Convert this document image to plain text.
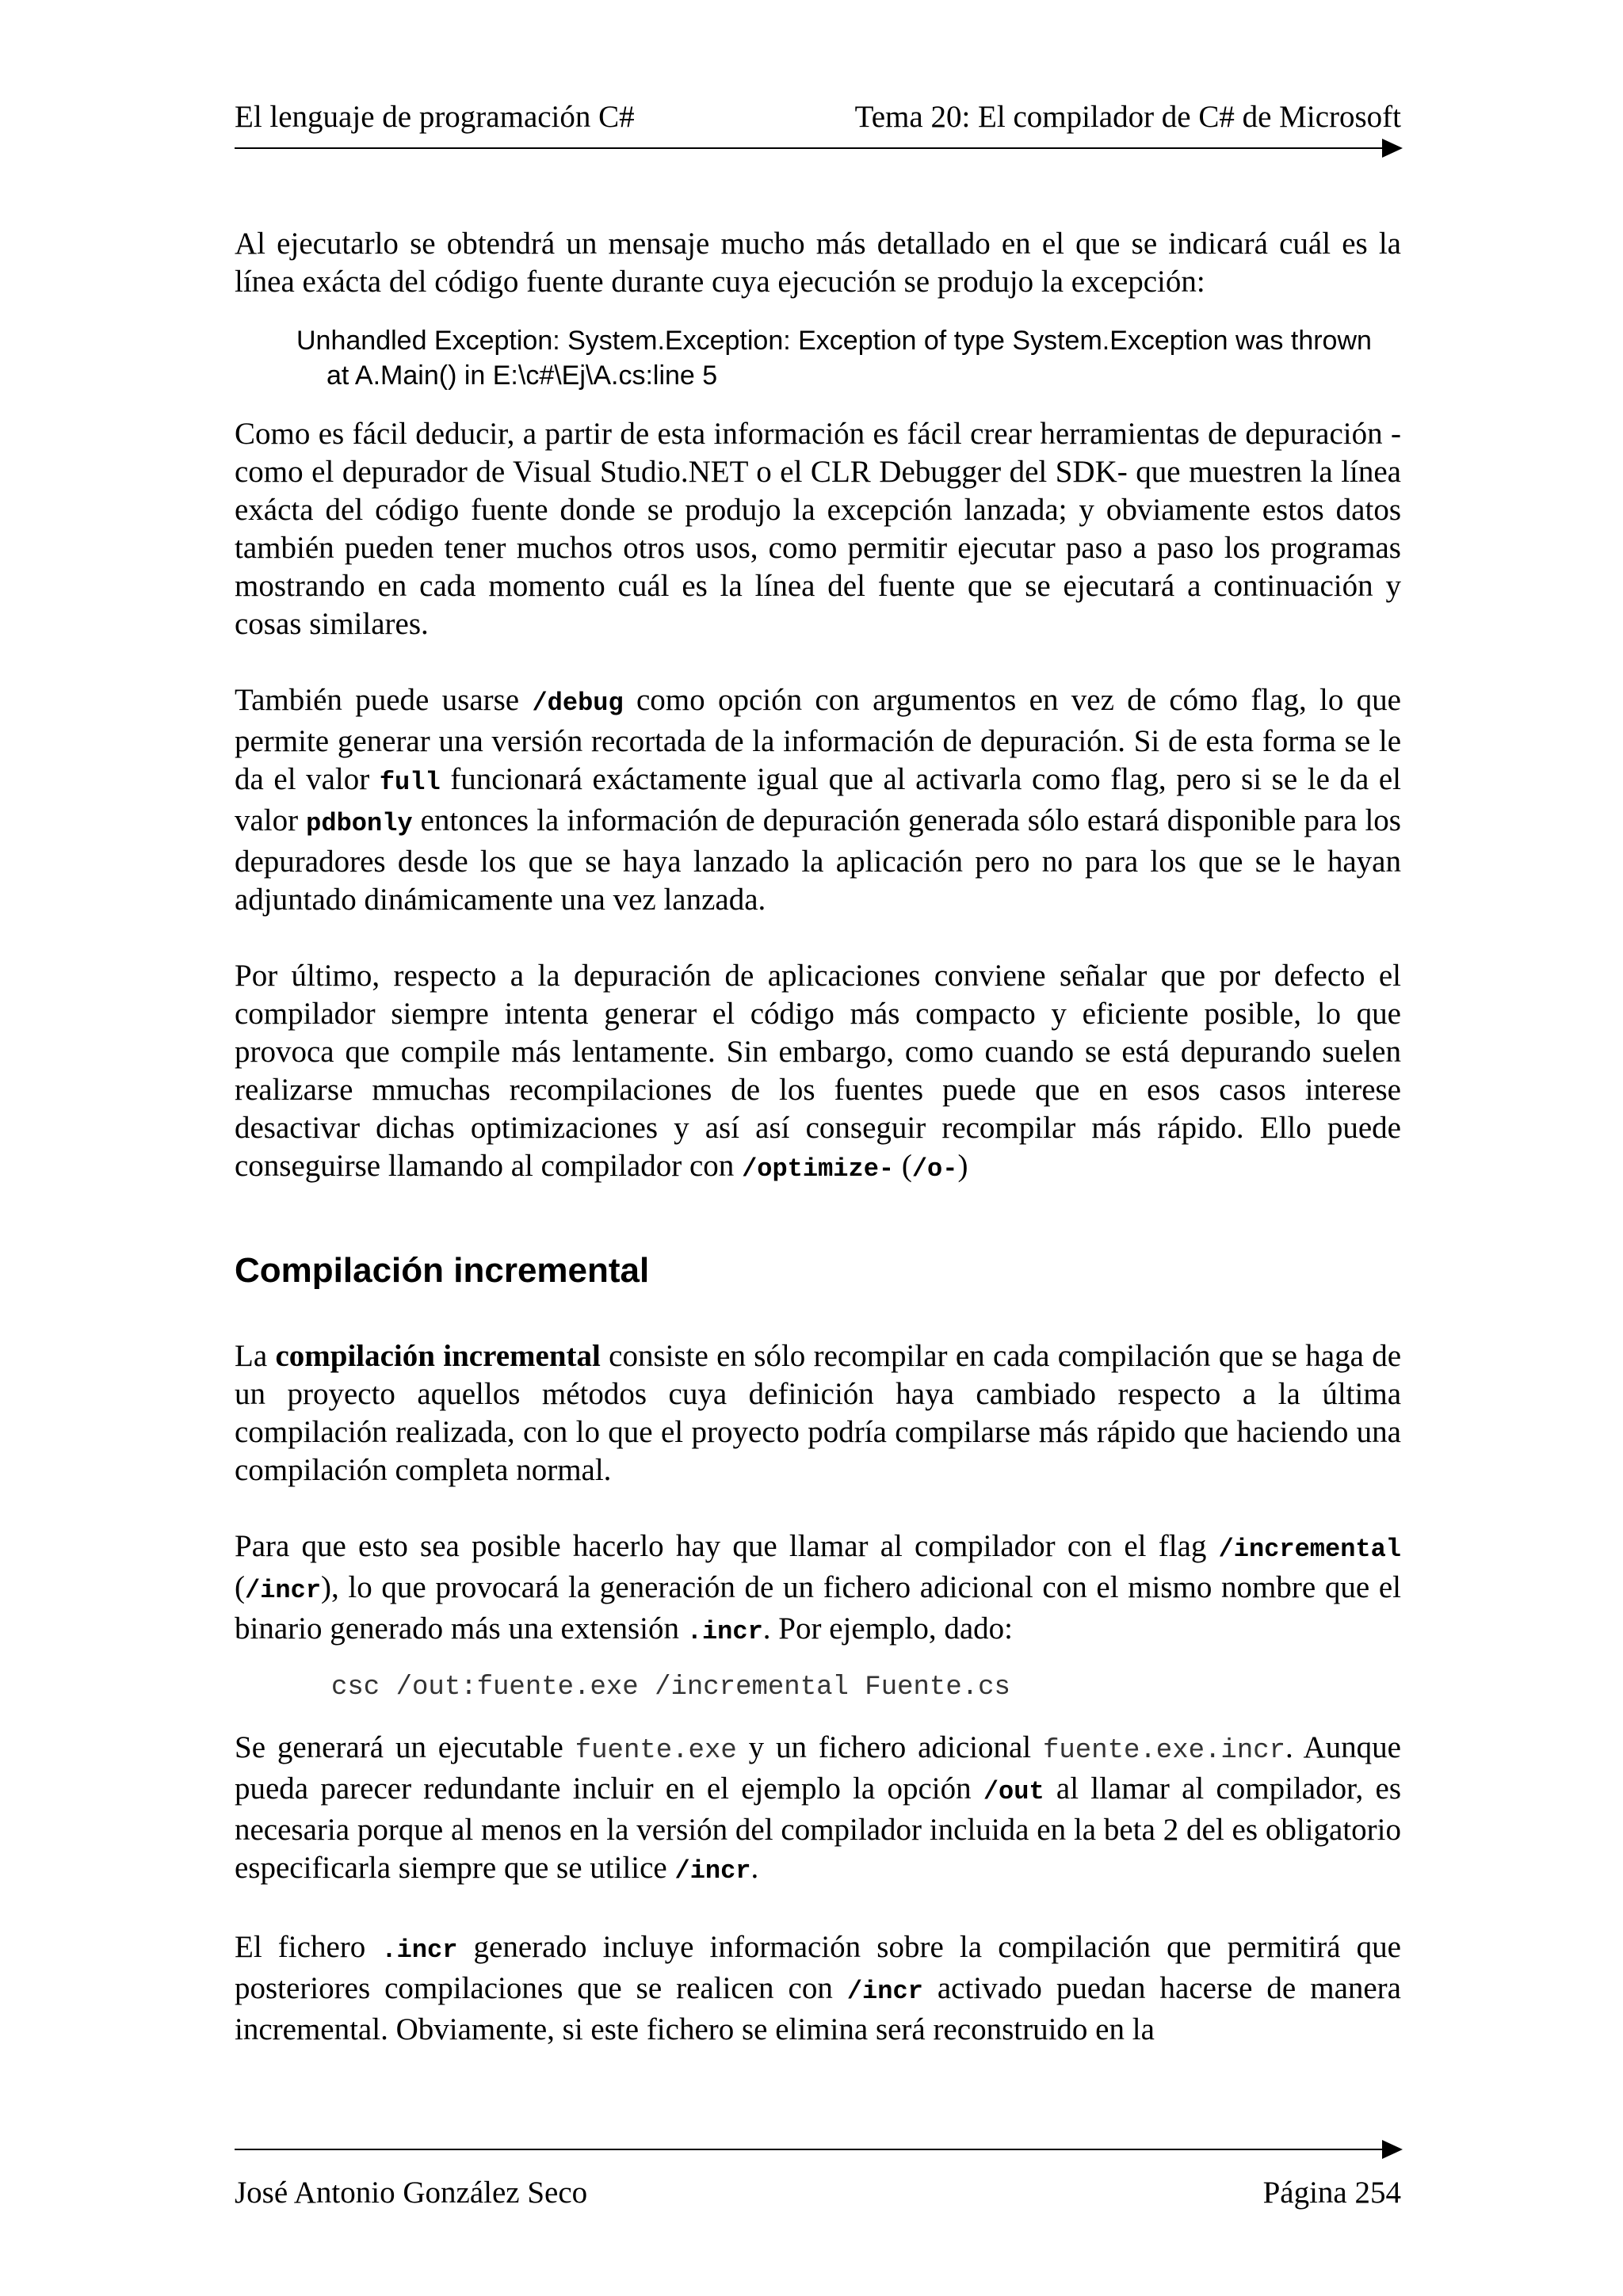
El lenguaje de programación C#	Tema 20: El compilador de C# de Microsoft

Al ejecutarlo se obtendrá un mensaje mucho más detallado en el que se indicará cuál es la línea exácta del código fuente durante cuya ejecución se produjo la excepción:

Unhandled Exception: System.Exception: Exception of type System.Exception was thrown
at A.Main() in E:\c#\Ej\A.cs:line 5

Como es fácil deducir, a partir de esta información es fácil crear herramientas de depuración -como el depurador de Visual Studio.NET o el CLR Debugger del SDK- que muestren la línea exácta del código fuente donde se produjo la excepción lanzada; y obviamente estos datos también pueden tener muchos otros usos, como permitir ejecutar paso a paso los programas mostrando en cada momento cuál es la línea del fuente que se ejecutará a continuación y cosas similares.

También puede usarse /debug como opción con argumentos en vez de cómo flag, lo que permite generar una versión recortada de la información de depuración. Si de esta forma se le da el valor full funcionará exáctamente igual que al activarla como flag, pero si se le da el valor pdbonly entonces la información de depuración generada sólo estará disponible para los depuradores desde los que se haya lanzado la aplicación pero no para los que se le hayan adjuntado dinámicamente una vez lanzada.

Por último, respecto a la depuración de aplicaciones conviene señalar que por defecto el compilador siempre intenta generar el código más compacto y eficiente posible, lo que provoca que compile más lentamente. Sin embargo, como cuando se está depurando suelen realizarse mmuchas recompilaciones de los fuentes puede que en esos casos interese desactivar dichas optimizaciones y así así conseguir recompilar más rápido. Ello puede conseguirse llamando al compilador con /optimize- (/o-)

Compilación incremental

La compilación incremental consiste en sólo recompilar en cada compilación que se haga de un proyecto aquellos métodos cuya definición haya cambiado respecto a la última compilación realizada, con lo que el proyecto podría compilarse más rápido que haciendo una compilación completa normal.

Para que esto sea posible hacerlo hay que llamar al compilador con el flag /incremental (/incr), lo que provocará la generación de un fichero adicional con el mismo nombre que el binario generado más una extensión .incr. Por ejemplo, dado:

csc /out:fuente.exe /incremental Fuente.cs

Se generará un ejecutable fuente.exe y un fichero adicional fuente.exe.incr. Aunque pueda parecer redundante incluir en el ejemplo la opción /out al llamar al compilador, es necesaria porque al menos en la versión del compilador incluida en la beta 2 del es obligatorio especificarla siempre que se utilice /incr.

El fichero .incr generado incluye información sobre la compilación que permitirá que posteriores compilaciones que se realicen con /incr activado puedan hacerse de manera incremental. Obviamente, si este fichero se elimina será reconstruido en la

José Antonio González Seco	Página 254
